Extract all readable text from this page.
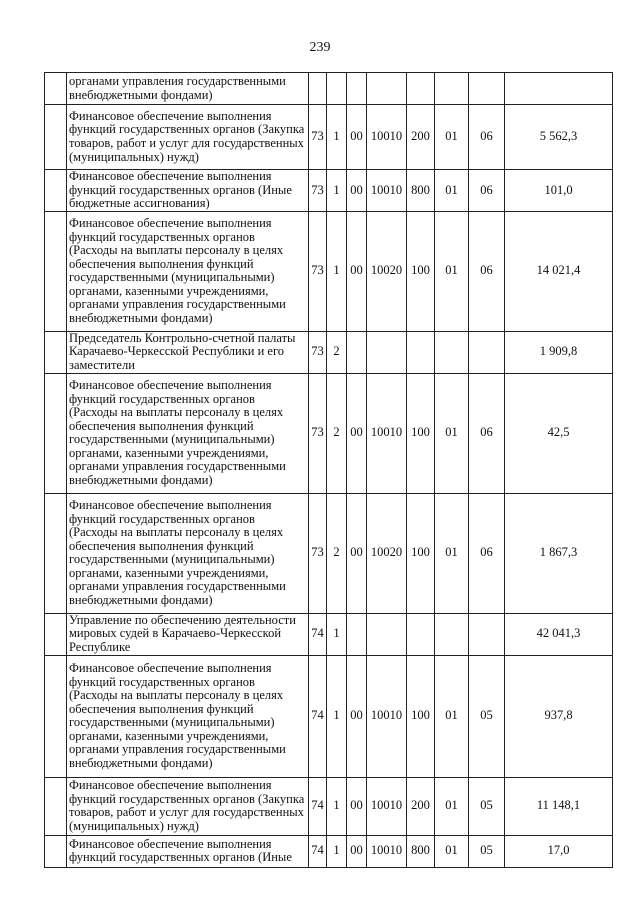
239
	органами управления государственными внебюджетными фондами)								
	Финансовое обеспечение выполнения функций государственных органов (Закупка товаров, работ и услуг для государственных (муниципальных) нужд)	73	1	00	10010	200	01	06	5 562,3
	Финансовое обеспечение выполнения функций государственных органов (Иные бюджетные ассигнования)	73	1	00	10010	800	01	06	101,0
	Финансовое обеспечение выполнения функций государственных органов (Расходы на выплаты персоналу в целях обеспечения выполнения функций государственными (муниципальными) органами, казенными учреждениями, органами управления государственными внебюджетными фондами)	73	1	00	10020	100	01	06	14 021,4
	Председатель Контрольно-счетной палаты Карачаево-Черкесской Республики и его заместители	73	2						1 909,8
	Финансовое обеспечение выполнения функций государственных органов (Расходы на выплаты персоналу в целях обеспечения выполнения функций государственными (муниципальными) органами, казенными учреждениями, органами управления государственными внебюджетными фондами)	73	2	00	10010	100	01	06	42,5
	Финансовое обеспечение выполнения функций государственных органов (Расходы на выплаты персоналу в целях обеспечения выполнения функций государственными (муниципальными) органами, казенными учреждениями, органами управления государственными внебюджетными фондами)	73	2	00	10020	100	01	06	1 867,3
	Управление по обеспечению деятельности мировых судей в Карачаево-Черкесской Республике	74	1						42 041,3
	Финансовое обеспечение выполнения функций государственных органов (Расходы на выплаты персоналу в целях обеспечения выполнения функций государственными (муниципальными) органами, казенными учреждениями, органами управления государственными внебюджетными фондами)	74	1	00	10010	100	01	05	937,8
	Финансовое обеспечение выполнения функций государственных органов (Закупка товаров, работ и услуг для государственных (муниципальных) нужд)	74	1	00	10010	200	01	05	11 148,1
	Финансовое обеспечение выполнения функций государственных органов (Иные	74	1	00	10010	800	01	05	17,0
